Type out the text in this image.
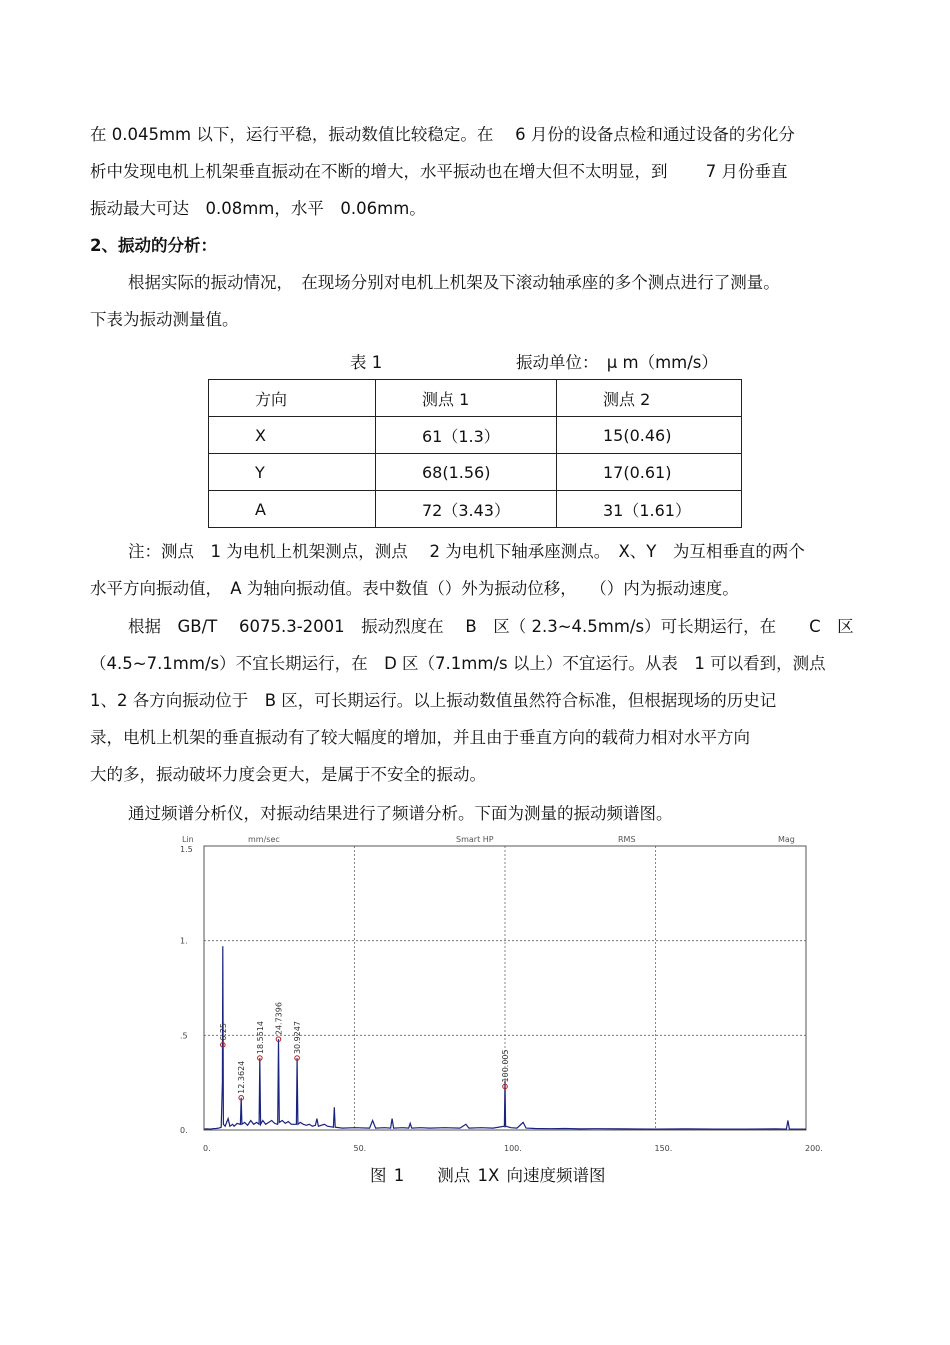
在 0.045mm 以下，运行平稳，振动数值比较稳定。在　 6 月份的设备点检和通过设备的劣化分
析中发现电机上机架垂直振动在不断的增大，水平振动也在增大但不太明显，到　　 7 月份垂直
振动最大可达　0.08mm，水平　0.06mm。
2、振动的分析：
根据实际的振动情况，　在现场分别对电机上机架及下滚动轴承座的多个测点进行了测量。
下表为振动测量值。
表 1	振动单位：　μ m（mm/s）
方向	测点 1	测点 2
X	61（1.3）	15(0.46)
Y	68(1.56)	17(0.61)
A	72（3.43）	31（1.61）
注：测点　1 为电机上机架测点，测点　 2 为电机下轴承座测点。　X、Y　为互相垂直的两个
水平方向振动值，　A 为轴向振动值。表中数值（）外为振动位移，　 （）内为振动速度。
根据　GB/T　 6075.3-2001　振动烈度在　 B　区（ 2.3~4.5mm/s）可长期运行，在　　C　区
（4.5~7.1mm/s）不宜长期运行，在　D 区（7.1mm/s 以上）不宜运行。从表　1 可以看到，测点
1、2 各方向振动位于　B 区，可长期运行。以上振动数值虽然符合标准，但根据现场的历史记
录，电机上机架的垂直振动有了较大幅度的增加，并且由于垂直方向的载荷力相对水平方向
大的多，振动破坏力度会更大，是属于不安全的振动。
通过频谱分析仪，对振动结果进行了频谱分析。下面为测量的振动频谱图。
Lin	mm/sec	Smart HP	RMS	Mag
1.5
1.
.5
0.
0.	50.	100.	150.	200.
6.25
12.3624
18.5514
24.7396
30.9247
100.005
图 1　　测点 1X 向速度频谱图
